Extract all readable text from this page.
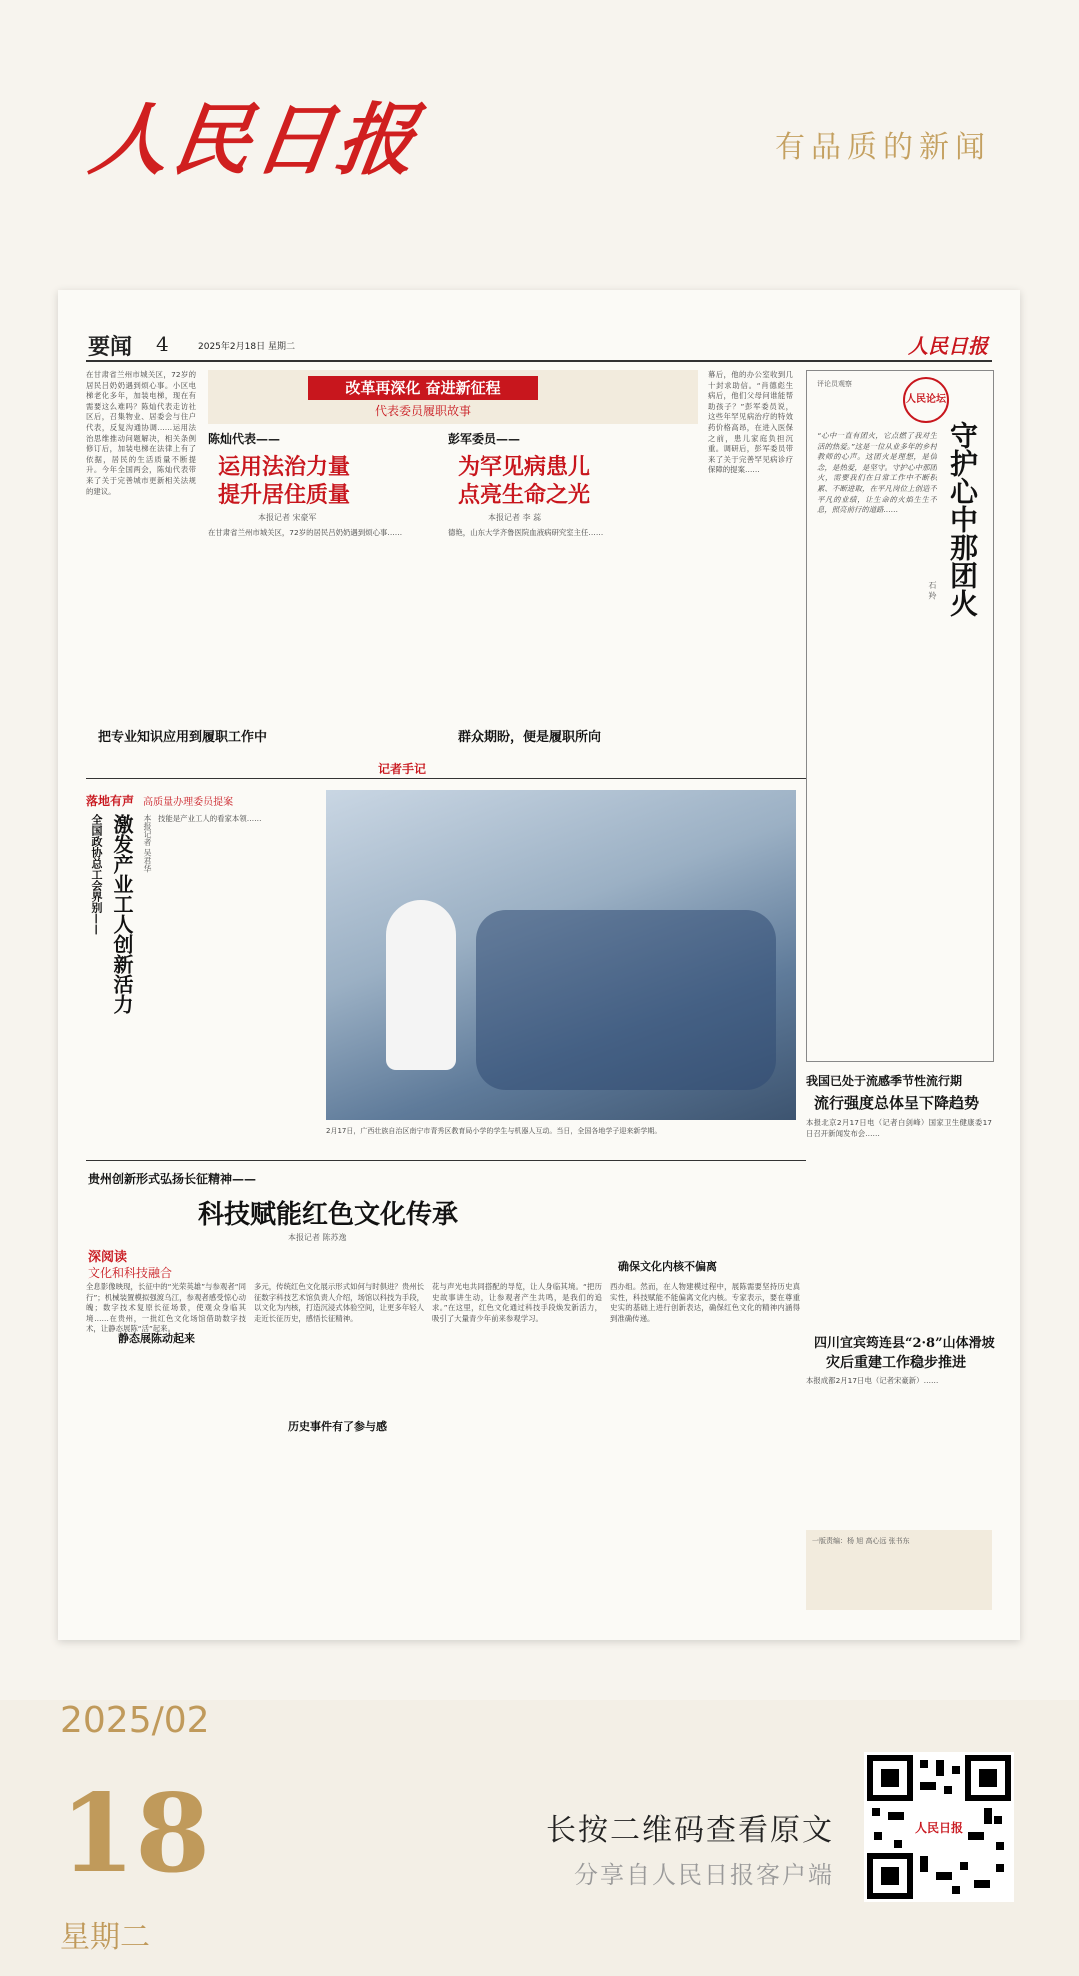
人民日报	有品质的新闻
要闻 4	2025年2月18日 星期二	人民日报
在甘肃省兰州市城关区，72岁的居民吕奶奶遇到烦心事。小区电梯老化多年，加装电梯，现在有需要这么难吗？陈灿代表走访社区后，召集物业、居委会与住户代表，反复沟通协调……运用法治思维推动问题解决，相关条例修订后，加装电梯在法律上有了依据，居民的生活质量不断提升。今年全国两会，陈灿代表带来了关于完善城市更新相关法规的建议。
改革再深化 奋进新征程
代表委员履职故事
陈灿代表——
运用法治力量
提升居住质量
本报记者 宋豪军
在甘肃省兰州市城关区，72岁的居民吕奶奶遇到烦心事……
把专业知识应用到履职工作中
彭军委员——
为罕见病患儿
点亮生命之光
本报记者 李 蕊
德艳，山东大学齐鲁医院血液病研究室主任……
群众期盼，便是履职所向
幕后，他的办公室收到几十封求助信。“肖德彪生病后，他们父母问谁能帮助孩子？”彭军委员说，这些年罕见病治疗的特效药价格高昂，在进入医保之前，患儿家庭负担沉重。调研后，彭军委员带来了关于完善罕见病诊疗保障的提案……
记者手记
评论员观察
人民论坛
守护心中那团火
石 羚
“心中一直有团火，它点燃了我对生活的热爱。”这是一位从业多年的乡村教师的心声。这团火是理想，是信念，是热爱，是坚守。守护心中那团火，需要我们在日常工作中不断积累、不断进取，在平凡岗位上创造不平凡的业绩，让生命的火焰生生不息，照亮前行的道路……
落地有声 高质量办理委员提案
全国政协总工会界别—— 激发产业工人创新活力	本报记者 吴君华 技能是产业工人的看家本领……
2月17日，广西壮族自治区南宁市青秀区教育局小学的学生与机器人互动。当日，全国各地学子迎来新学期。
贵州创新形式弘扬长征精神——
科技赋能红色文化传承
本报记者 陈苏逸
深阅读
文化和科技融合
静态展陈动起来
历史事件有了参与感
确保文化内核不偏离
全息影像映现，长征中的“光荣英雄”与参观者“同行”；机械装置模拟强渡乌江，参观者感受惊心动魄；数字技术复原长征场景，使观众身临其境……在贵州，一批红色文化场馆借助数字技术，让静态展陈“活”起来。
多元，传统红色文化展示形式如何与时俱进？贵州长征数字科技艺术馆负责人介绍，场馆以科技为手段，以文化为内核，打造沉浸式体验空间，让更多年轻人走近长征历史，感悟长征精神。
花与声光电共同搭配的导览，让人身临其境。“把历史故事讲生动，让参观者产生共鸣，是我们的追求。”在这里，红色文化通过科技手段焕发新活力，吸引了大量青少年前来参观学习。
西办组。然而，在人物建模过程中，展陈需要坚持历史真实性，科技赋能不能偏离文化内核。专家表示，要在尊重史实的基础上进行创新表达，确保红色文化的精神内涵得到准确传递。
我国已处于流感季节性流行期
流行强度总体呈下降趋势
本报北京2月17日电（记者白剑峰）国家卫生健康委17日召开新闻发布会……
四川宜宾筠连县“2·8”山体滑坡
灾后重建工作稳步推进
本报成都2月17日电（记者宋豪新）……
一版责编：杨 旭 高心远 张书东
2025/02
18
星期二
长按二维码查看原文
分享自人民日报客户端
人民日报
